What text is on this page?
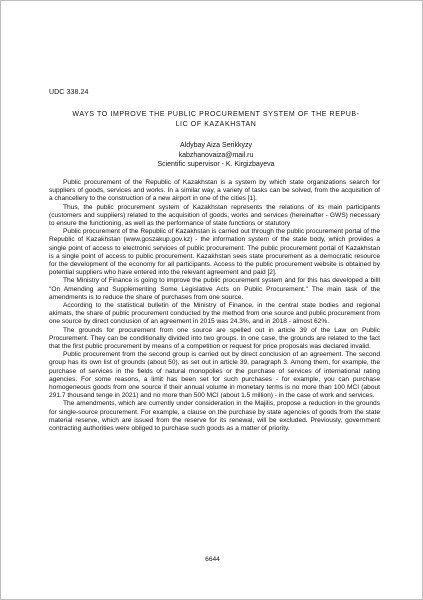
UDC 338.24
WAYS TO IMPROVE THE PUBLIC PROCUREMENT SYSTEM OF THE REPUB-
LIC OF KAZAKHSTAN
Aldybay Aiza Serikkyzy
kabzhanovaiza@mail.ru
Scientific supervisor - K. Kirgizbayeva

Public procurement of the Republic of Kazakhstan is a system by which state organizations search for suppliers of goods, services and works. In a similar way, a variety of tasks can be solved, from the acquisition of a chancellery to the construction of a new airport in one of the cities [1].

Thus, the public procurement system of Kazakhstan represents the relations of its main participants (customers and suppliers) related to the acquisition of goods, works and services (hereinafter - GWS) necessary to ensure the functioning, as well as the performance of state functions or statutory

Public procurement of the Republic of Kazakhstan is carried out through the public procurement portal of the Republic of Kazakhstan (www.goszakup.gov.kz) - the information system of the state body, which provides a single point of access to electronic services of public procurement. The public procurement portal of Kazakhstan is a single point of access to public procurement. Kazakhstan sees state procurement as a democratic resource for the development of the economy for all participants. Access to the public procurement website is obtained by potential suppliers who have entered into the relevant agreement and paid [2].

The Ministry of Finance is going to improve the public procurement system and for this has developed a billl "On Amending and Supplementing Some Legislative Acts on Public Procurement." The main task of the amendments is to reduce the share of purchases from one source.

According to the statistical bulletin of the Ministry of Finance, in the central state bodies and regional akimats, the share of public procurement conducted by the method from one source and public procurement from one source by direct conclusion of an agreement in 2015 was 24.3%, and in 2018 - almost 62%.

The grounds for procurement from one source are spelled out in article 39 of the Law on Public Procurement. They can be conditionally divided into two groups. In one case, the grounds are related to the fact that the first public procurement by means of a competition or request for price proposals was declared invalid.

Public procurement from the second group is carried out by direct conclusion of an agreement. The second group has its own list of grounds (about 50), as set out in article 39, paragraph 3. Among them, for example, the purchase of services in the fields of natural monopolies or the purchase of services of international rating agencies. For some reasons, a limit has been set for such purchases - for example, you can purchase homogeneous goods from one source if their annual volume in monetary terms is no more than 100 MCI (about 291.7 thousand tenge in 2021) and no more than 500 MCI (about 1.5 million) - in the case of work and services.

The amendments, which are currently under consideration in the Majilis, propose a reduction in the grounds for single-source procurement. For example, a clause on the purchase by state agencies of goods from the state material reserve, which are issued from the reserve for its renewal, will be excluded. Previously, government contracting authorities were obliged to purchase such goods as a matter of priority.

6644
